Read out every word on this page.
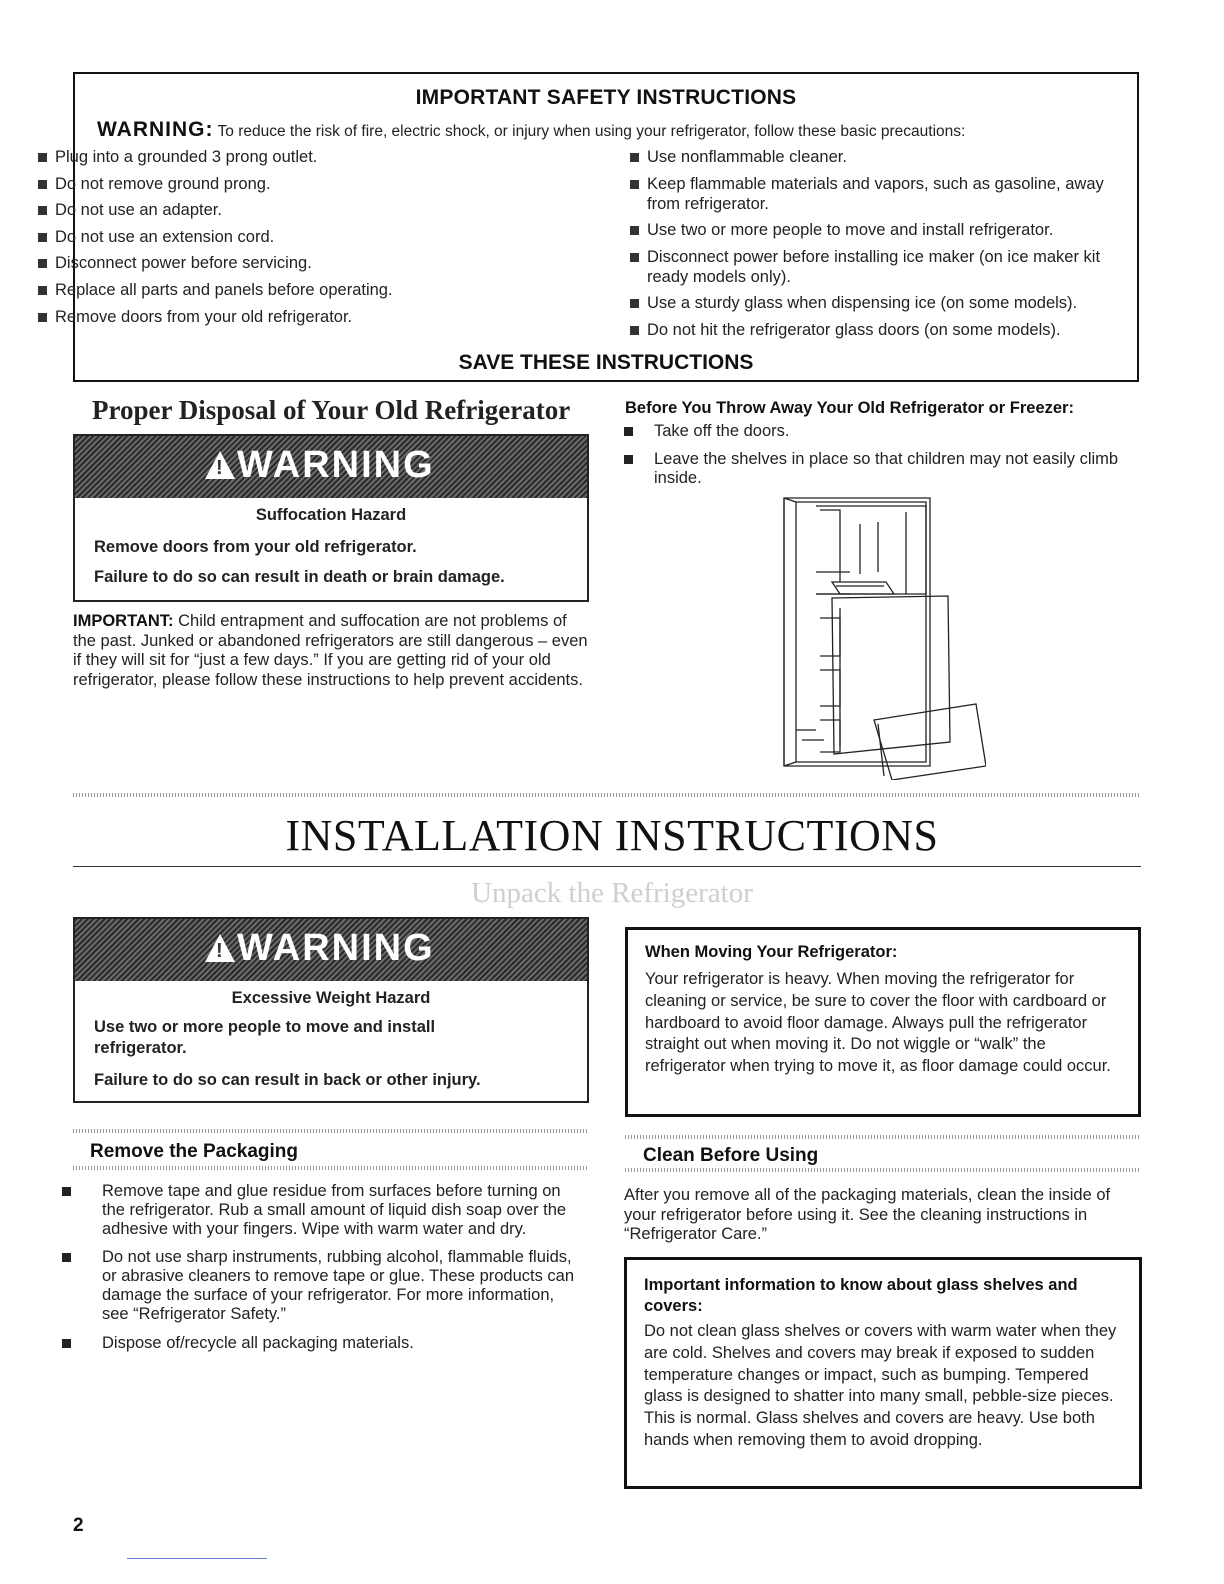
IMPORTANT SAFETY INSTRUCTIONS
WARNING: To reduce the risk of fire, electric shock, or injury when using your refrigerator, follow these basic precautions:
SAVE THESE INSTRUCTIONS
Plug into a grounded 3 prong outlet.
Do not remove ground prong.
Do not use an adapter.
Do not use an extension cord.
Disconnect power before servicing.
Replace all parts and panels before operating.
Remove doors from your old refrigerator.
Use nonflammable cleaner.
Keep flammable materials and vapors, such as gasoline, away from refrigerator.
Use two or more people to move and install refrigerator.
Disconnect power before installing ice maker (on ice maker kit ready models only).
Use a sturdy glass when dispensing ice (on some models).
Do not hit the refrigerator glass doors (on some models).
Proper Disposal of Your Old Refrigerator
!WARNING
Suffocation Hazard
Remove doors from your old refrigerator.
Failure to do so can result in death or brain damage.
IMPORTANT: Child entrapment and suffocation are not problems of the past. Junked or abandoned refrigerators are still dangerous – even if they will sit for “just a few days.” If you are getting rid of your old refrigerator, please follow these instructions to help prevent accidents.
Before You Throw Away Your Old Refrigerator or Freezer:
Take off the doors.
Leave the shelves in place so that children may not easily climb inside.
INSTALLATION INSTRUCTIONS
Unpack the Refrigerator
!WARNING
Excessive Weight Hazard
Use two or more people to move and install refrigerator.
Failure to do so can result in back or other injury.
When Moving Your Refrigerator:
Your refrigerator is heavy. When moving the refrigerator for cleaning or service, be sure to cover the floor with cardboard or hardboard to avoid floor damage. Always pull the refrigerator straight out when moving it. Do not wiggle or “walk” the refrigerator when trying to move it, as floor damage could occur.
Remove the Packaging
Remove tape and glue residue from surfaces before turning on the refrigerator. Rub a small amount of liquid dish soap over the adhesive with your fingers. Wipe with warm water and dry.
Do not use sharp instruments, rubbing alcohol, flammable fluids, or abrasive cleaners to remove tape or glue. These products can damage the surface of your refrigerator. For more information, see “Refrigerator Safety.”
Dispose of/recycle all packaging materials.
Clean Before Using
After you remove all of the packaging materials, clean the inside of your refrigerator before using it. See the cleaning instructions in “Refrigerator Care.”
Important information to know about glass shelves and covers:
Do not clean glass shelves or covers with warm water when they are cold. Shelves and covers may break if exposed to sudden temperature changes or impact, such as bumping. Tempered glass is designed to shatter into many small, pebble-size pieces. This is normal. Glass shelves and covers are heavy. Use both hands when removing them to avoid dropping.
2
